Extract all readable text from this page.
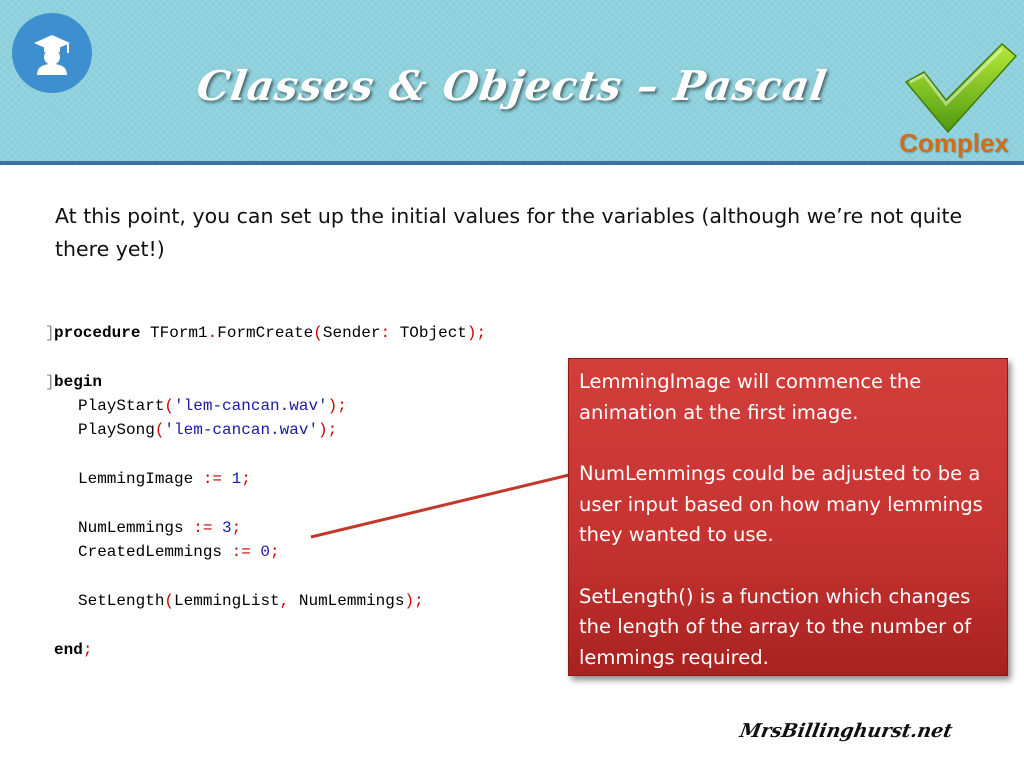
Classes & Objects – Pascal
Complex
At this point, you can set up the initial values for the variables (although we’re not quite there yet!)
]procedure TForm1.FormCreate(Sender: TObject);
]begin
PlayStart('lem-cancan.wav');
PlaySong('lem-cancan.wav');
LemmingImage := 1;
NumLemmings := 3;
CreatedLemmings := 0;
SetLength(LemmingList, NumLemmings);
end;

LemmingImage will commence the animation at the first image.

NumLemmings could be adjusted to be a user input based on how many lemmings they wanted to use.

SetLength() is a function which changes the length of the array to the number of lemmings required.

MrsBillinghurst.net
